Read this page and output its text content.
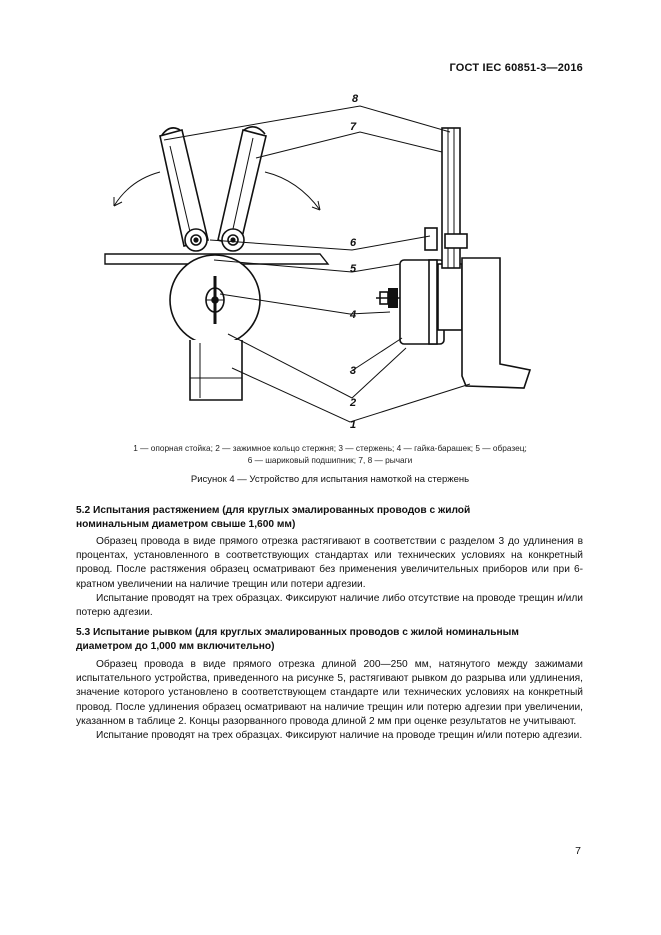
ГОСТ IEC 60851-3—2016
8
7
6
5
4
3
2
1
1 — опорная стойка; 2 — зажимное кольцо стержня; 3 — стержень; 4 — гайка-барашек; 5 — образец;
6 — шариковый подшипник; 7, 8 — рычаги
Рисунок 4 — Устройство для испытания намоткой на стержень
5.2 Испытания растяжением (для круглых эмалированных проводов с жилой
номинальным диаметром свыше 1,600 мм)

Образец провода в виде прямого отрезка растягивают в соответствии с разделом 3 до удлинения в процентах, установленного в соответствующих стандартах или технических условиях на конкретный провод. После растяжения образец осматривают без применения увеличительных приборов или при 6-кратном увеличении на наличие трещин или потери адгезии.

Испытание проводят на трех образцах. Фиксируют наличие либо отсутствие на проводе трещин и/или потерю адгезии.

5.3 Испытание рывком (для круглых эмалированных проводов с жилой номинальным
диаметром до 1,000 мм включительно)

Образец провода в виде прямого отрезка длиной 200—250 мм, натянутого между зажимами испытательного устройства, приведенного на рисунке 5, растягивают рывком до разрыва или удлинения, значение которого установлено в соответствующем стандарте или технических условиях на конкретный провод. После удлинения образец осматривают на наличие трещин или потерю адгезии при увеличении, указанном в таблице 2. Концы разорванного провода длиной 2 мм при оценке результатов не учитывают.

Испытание проводят на трех образцах. Фиксируют наличие на проводе трещин и/или потерю адгезии.

7
